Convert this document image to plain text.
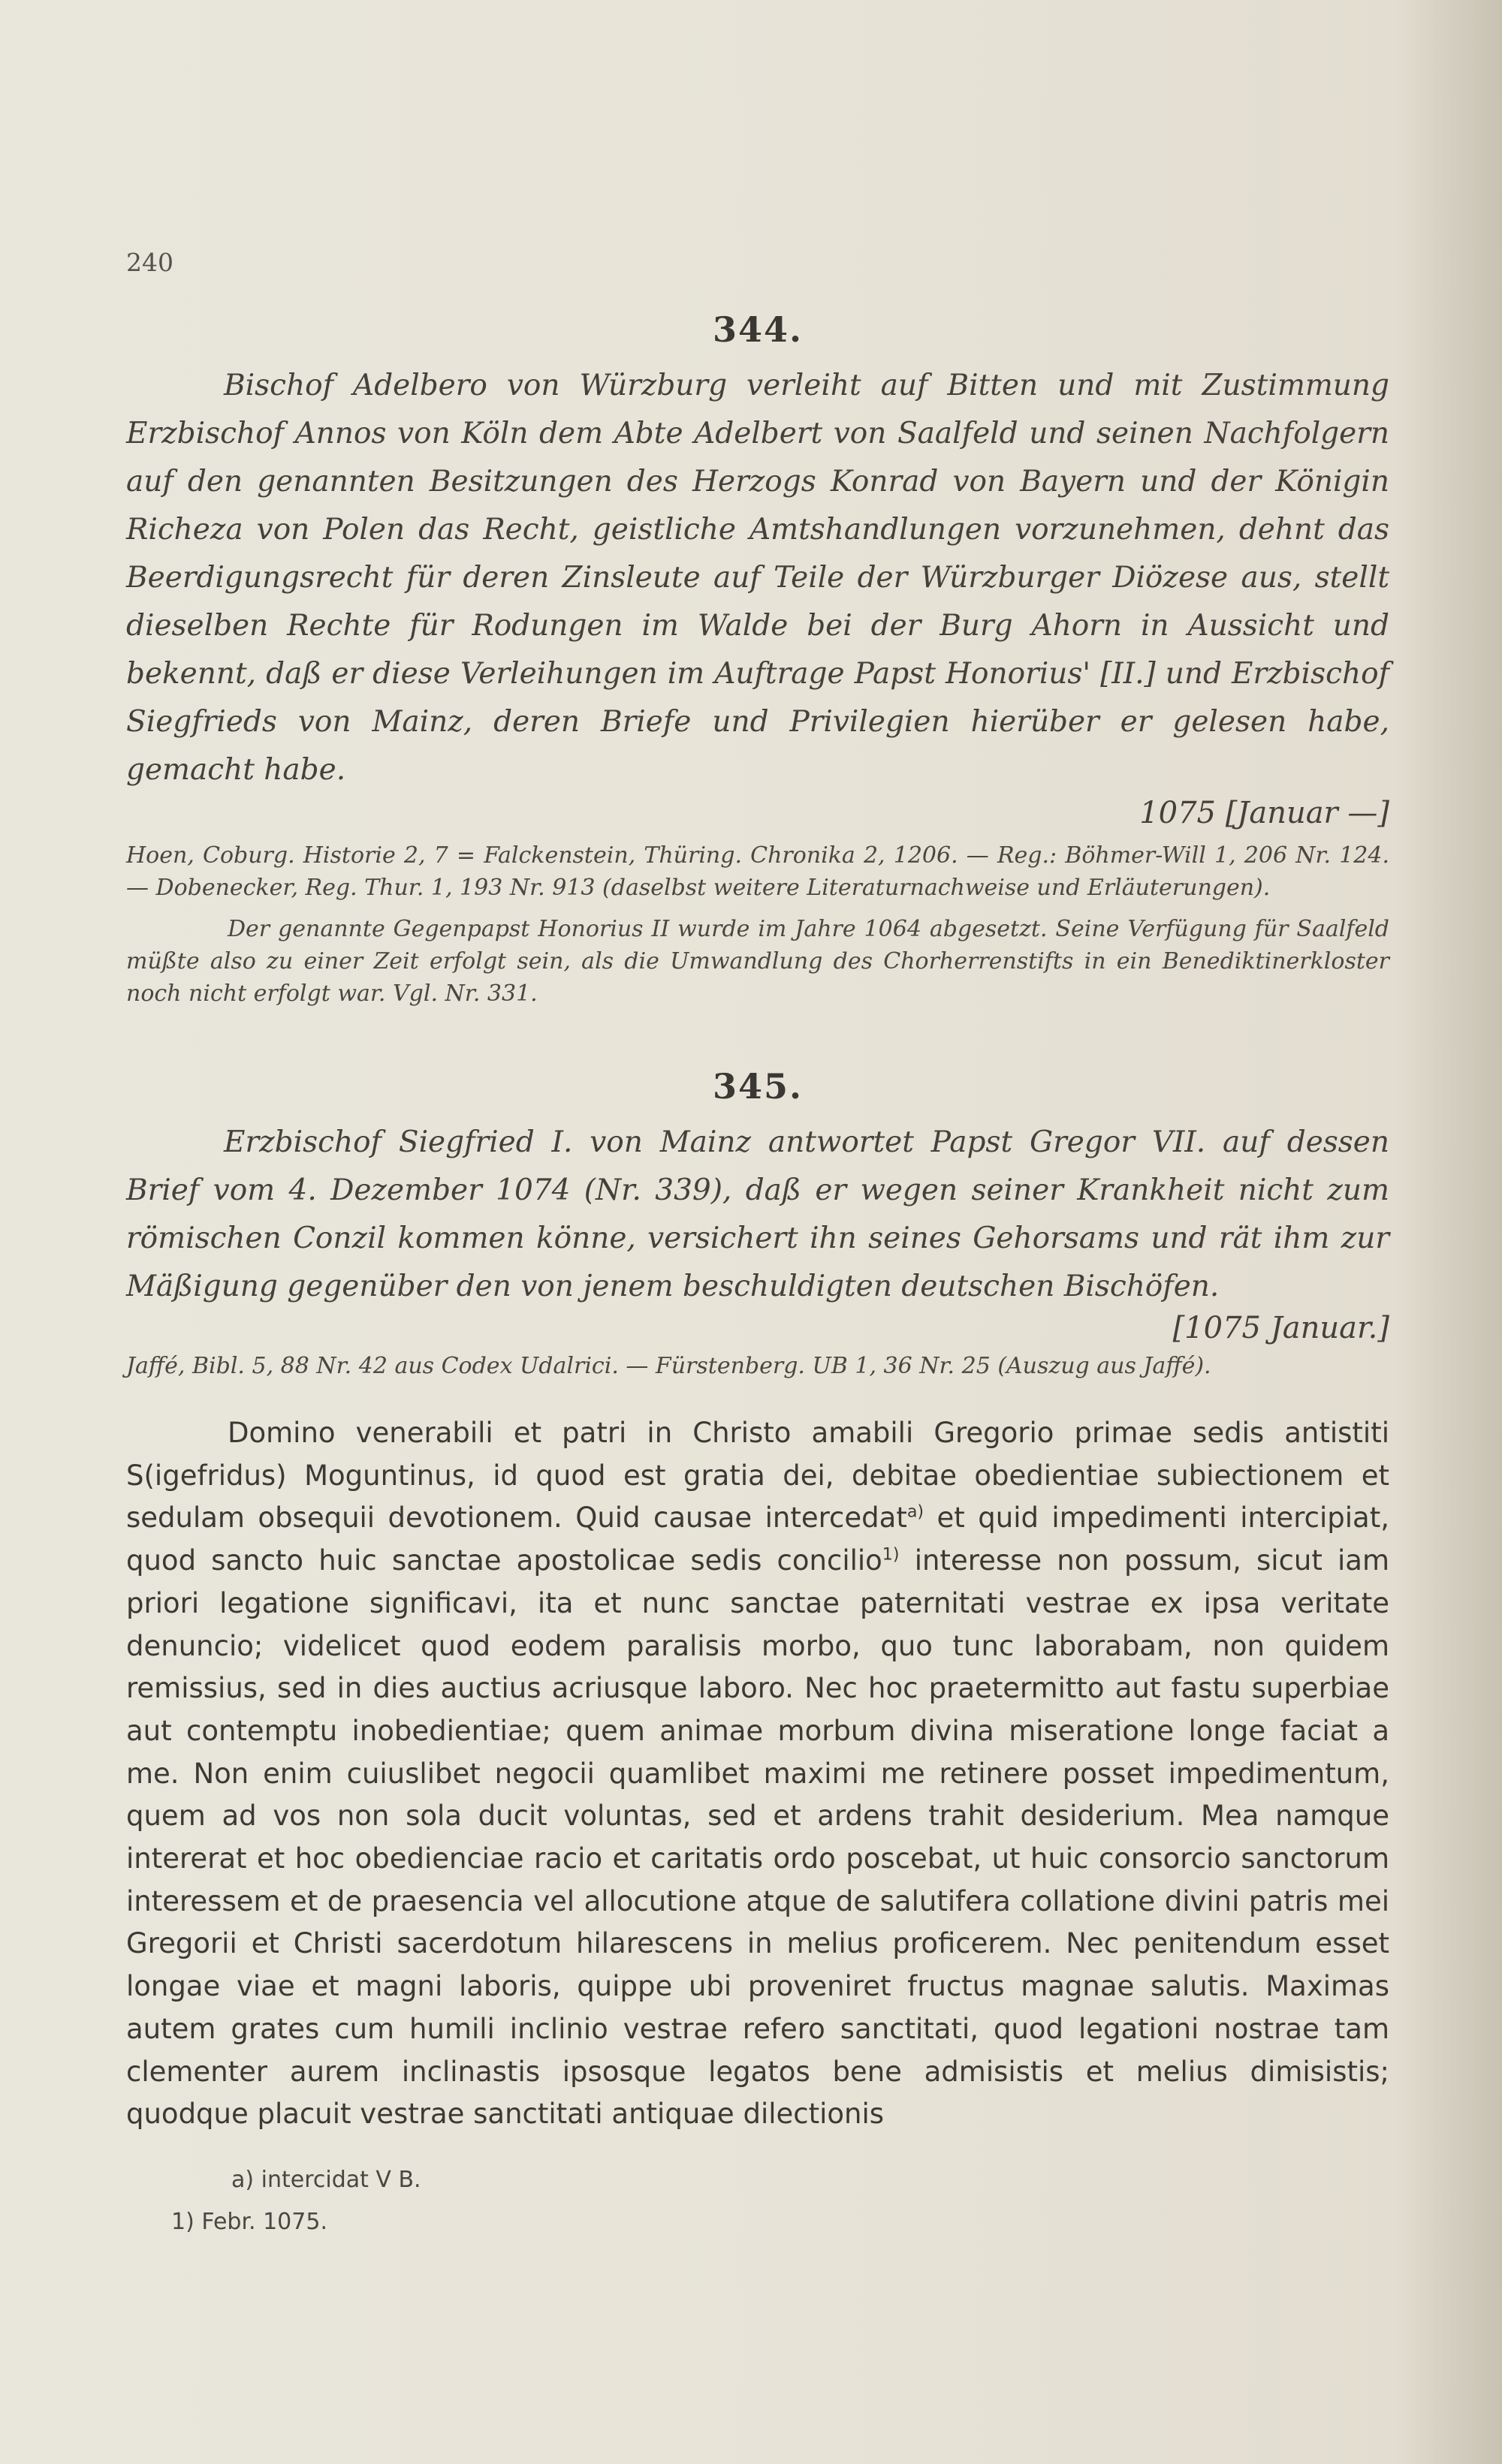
240
344.
Bischof Adelbero von Würzburg verleiht auf Bitten und mit Zustimmung Erzbischof Annos von Köln dem Abte Adelbert von Saalfeld und seinen Nachfolgern auf den genannten Besitzungen des Herzogs Konrad von Bayern und der Königin Richeza von Polen das Recht, geistliche Amtshandlungen vorzunehmen, dehnt das Beerdigungsrecht für deren Zinsleute auf Teile der Würzburger Diözese aus, stellt dieselben Rechte für Rodungen im Walde bei der Burg Ahorn in Aussicht und bekennt, daß er diese Verleihungen im Auftrage Papst Honorius' [II.] und Erzbischof Siegfrieds von Mainz, deren Briefe und Privilegien hierüber er gelesen habe, gemacht habe.
1075 [Januar —]
Hoen, Coburg. Historie 2, 7 = Falckenstein, Thüring. Chronika 2, 1206. — Reg.: Böhmer-Will 1, 206 Nr. 124. — Dobenecker, Reg. Thur. 1, 193 Nr. 913 (daselbst weitere Literaturnachweise und Erläuterungen).
Der genannte Gegenpapst Honorius II wurde im Jahre 1064 abgesetzt. Seine Verfügung für Saalfeld müßte also zu einer Zeit erfolgt sein, als die Umwandlung des Chorherrenstifts in ein Benediktinerkloster noch nicht erfolgt war. Vgl. Nr. 331.
345.
Erzbischof Siegfried I. von Mainz antwortet Papst Gregor VII. auf dessen Brief vom 4. Dezember 1074 (Nr. 339), daß er wegen seiner Krankheit nicht zum römischen Conzil kommen könne, versichert ihn seines Gehorsams und rät ihm zur Mäßigung gegenüber den von jenem beschuldigten deutschen Bischöfen.
[1075 Januar.]
Jaffé, Bibl. 5, 88 Nr. 42 aus Codex Udalrici. — Fürstenberg. UB 1, 36 Nr. 25 (Auszug aus Jaffé).
Domino venerabili et patri in Christo amabili Gregorio primae sedis antistiti S(igefridus) Moguntinus, id quod est gratia dei, debitae obedientiae subiectionem et sedulam obsequii devotionem. Quid causae intercedat$^{a)}$ et quid impedimenti intercipiat, quod sancto huic sanctae apostolicae sedis concilio$^{1)}$ interesse non possum, sicut iam priori legatione significavi, ita et nunc sanctae paternitati vestrae ex ipsa veritate denuncio; videlicet quod eodem paralisis morbo, quo tunc laborabam, non quidem remissius, sed in dies auctius acriusque laboro. Nec hoc praetermitto aut fastu superbiae aut contemptu inobedientiae; quem animae morbum divina miseratione longe faciat a me. Non enim cuiuslibet negocii quamlibet maximi me retinere posset impedimentum, quem ad vos non sola ducit voluntas, sed et ardens trahit desiderium. Mea namque intererat et hoc obedienciae racio et caritatis ordo poscebat, ut huic consorcio sanctorum interessem et de praesencia vel allocutione atque de salutifera collatione divini patris mei Gregorii et Christi sacerdotum hilarescens in melius proficerem. Nec penitendum esset longae viae et magni laboris, quippe ubi proveniret fructus magnae salutis. Maximas autem grates cum humili inclinio vestrae refero sanctitati, quod legationi nostrae tam clementer aurem inclinastis ipsosque legatos bene admisistis et melius dimisistis; quodque placuit vestrae sanctitati antiquae dilectionis
a) intercidat V B.
1) Febr. 1075.
